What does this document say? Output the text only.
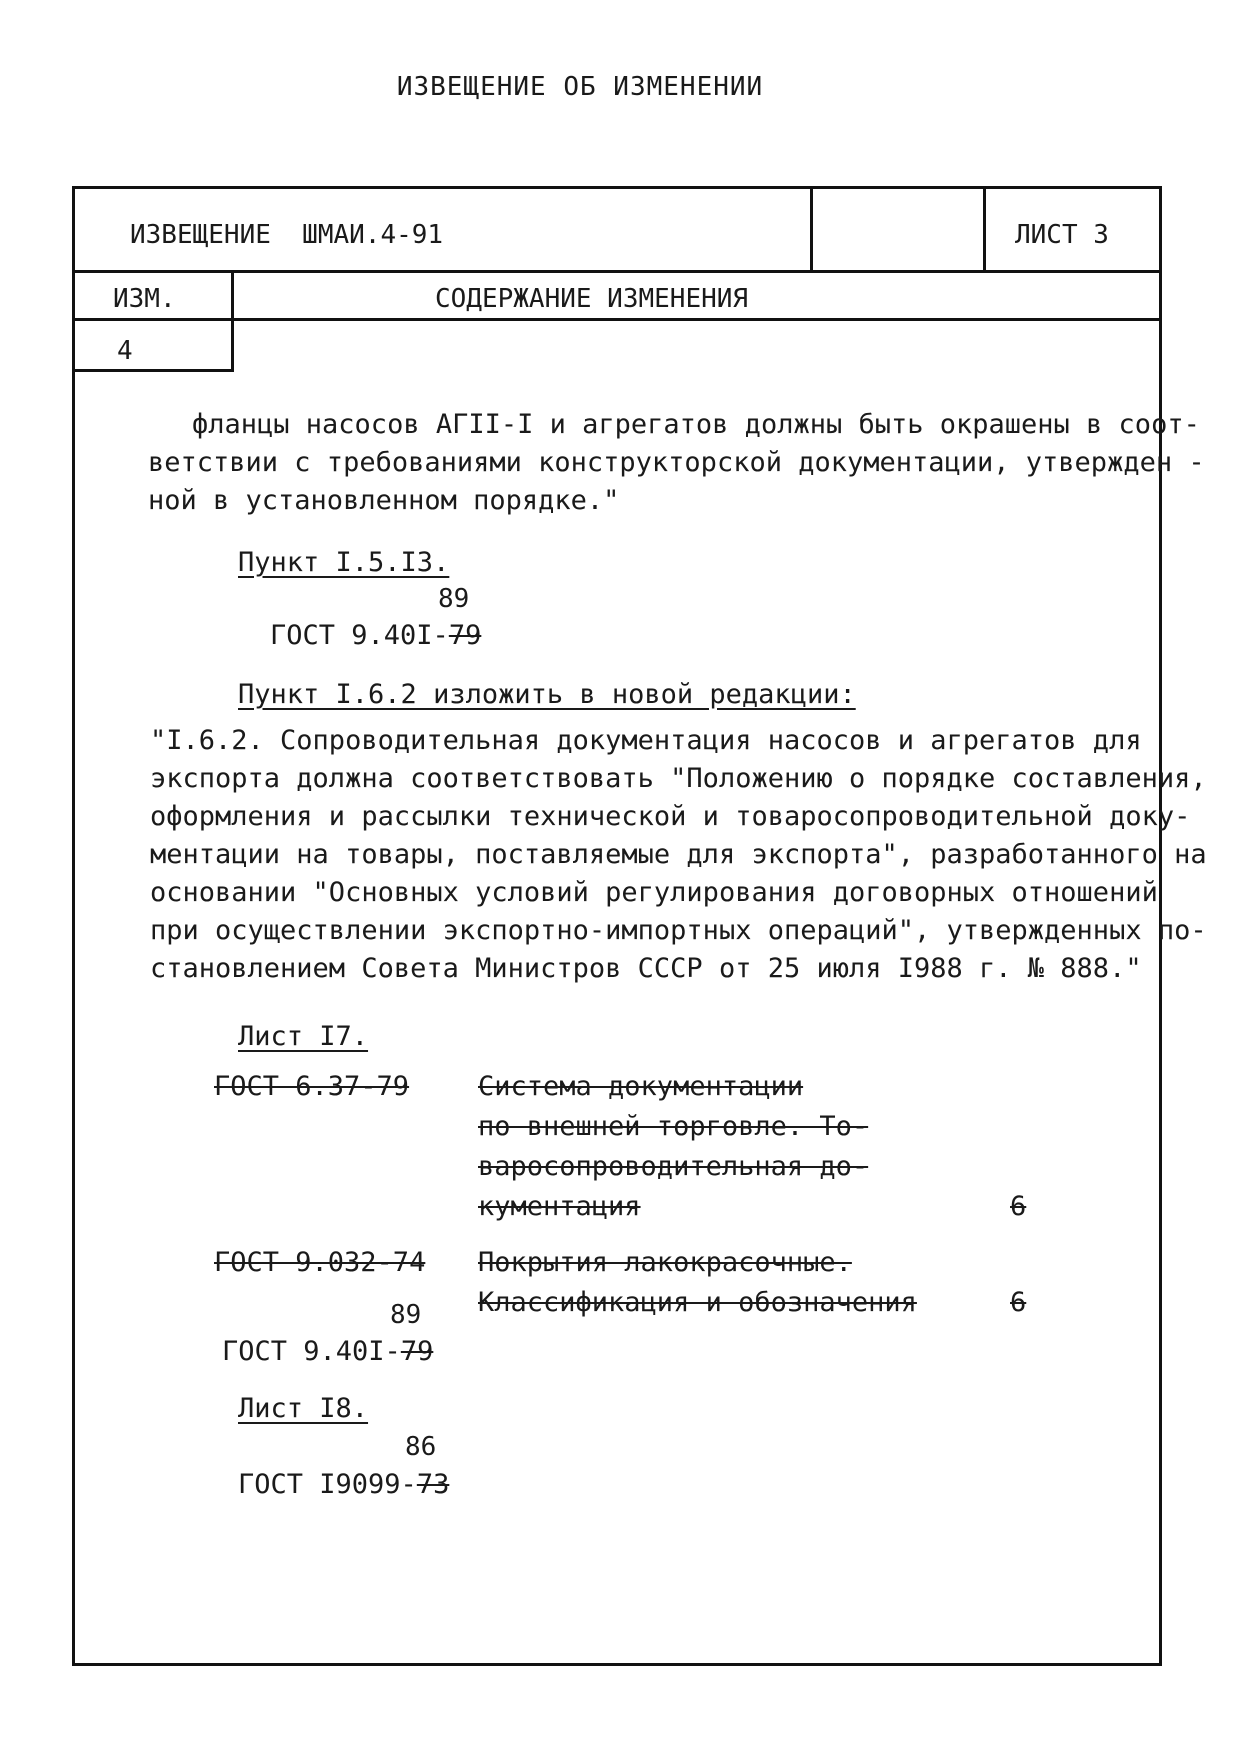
ИЗВЕЩЕНИЕ ОБ ИЗМЕНЕНИИ
ИЗВЕЩЕНИЕ  ШМАИ.4-91	ЛИСТ 3
ИЗМ.	СОДЕРЖАНИЕ ИЗМЕНЕНИЯ
4
фланцы насосов АГII-I и агрегатов должны быть окрашены в соот-
ветствии с требованиями конструкторской документации, утвержден -
ной в установленном порядке."
Пункт I.5.I3.
89
ГОСТ 9.40I-79
Пункт I.6.2 изложить в новой редакции:
"I.6.2. Сопроводительная документация насосов и агрегатов для
экспорта должна соответствовать "Положению о порядке составления,
оформления и рассылки технической и товаросопроводительной доку-
ментации на товары, поставляемые для экспорта", разработанного на
основании "Основных условий регулирования договорных отношений
при осуществлении экспортно-импортных операций", утвержденных по-
становлением Совета Министров СССР от 25 июля I988 г. № 888."
Лист I7.
ГОСТ 6.37-79	Система документации
по внешней торговле. То-
варосопроводительная до-
кументация	6
ГОСТ 9.032-74 Покрытия лакокрасочные.
Классификация и обозначения	6
89
ГОСТ 9.40I-79
Лист I8.
86
ГОСТ I9099-73
